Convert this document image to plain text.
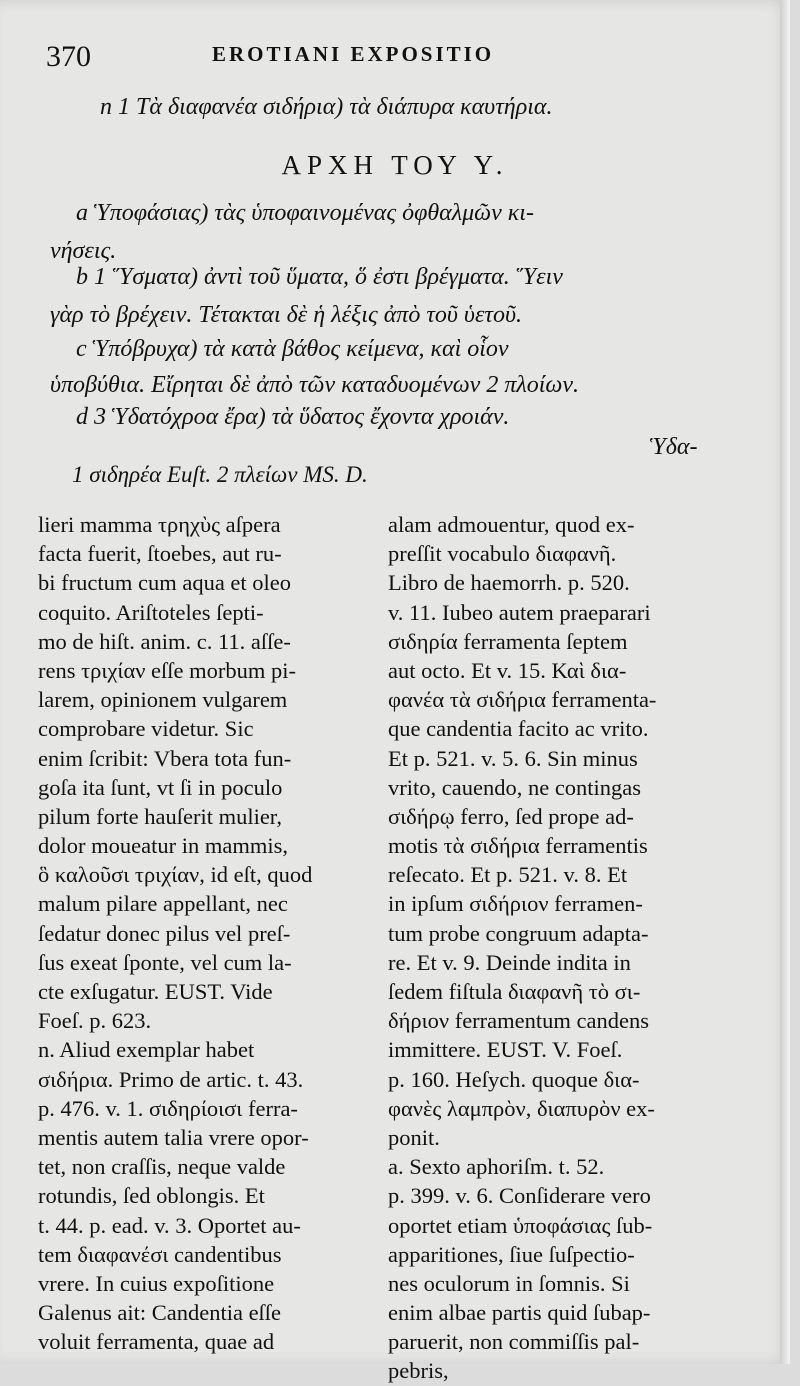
370	EROTIANI EXPOSITIO
n 1 Τὰ διαφανέα σιδήρια) τὰ διάπυρα καυτήρια.
ΑΡΧΗ ΤΟΥ Υ.
a Ὑποφάσιας) τὰς ὑποφαινομένας ὀφθαλμῶν κι-
νήσεις.
b 1 Ὕσματα) ἀντὶ τοῦ ὕματα, ὅ ἐστι βρέγματα. Ὕειν
γὰρ τὸ βρέχειν. Τέτακται δὲ ἡ λέξις ἀπὸ τοῦ ὑετοῦ.
c Ὑπόβρυχα) τὰ κατὰ βάθος κείμενα, καὶ οἷον
ὑποβύθια. Εἴρηται δὲ ἀπὸ τῶν καταδυομένων 2 πλοίων.
d 3 Ὑδατόχροα ἔρα) τὰ ὕδατος ἔχοντα χροιάν.
Ὑδα-
1 σιδηρέα Euſt. 2 πλείων MS. D.
lieri mamma τρηχὺς aſpera
facta fuerit, ſtoebes, aut ru-
bi fructum cum aqua et oleo
coquito. Ariſtoteles ſepti-
mo de hiſt. anim. c. 11. aſſe-
rens τριχίαν eſſe morbum pi-
larem, opinionem vulgarem
comprobare videtur. Sic
enim ſcribit: Vbera tota fun-
goſa ita ſunt, vt ſi in poculo
pilum forte hauſerit mulier,
dolor moueatur in mammis,
ὃ καλοῦσι τριχίαν, id eſt, quod
malum pilare appellant, nec
ſedatur donec pilus vel preſ-
ſus exeat ſponte, vel cum la-
cte exſugatur. EUST. Vide
Foeſ. p. 623.
n. Aliud exemplar habet
σιδήρια. Primo de artic. t. 43.
p. 476. v. 1. σιδηρίοισι ferra-
mentis autem talia vrere opor-
tet, non craſſis, neque valde
rotundis, ſed oblongis. Et
t. 44. p. ead. v. 3. Oportet au-
tem διαφανέσι candentibus
vrere. In cuius expoſitione
Galenus ait: Candentia eſſe
voluit ferramenta, quae ad
alam admouentur, quod ex-
preſſit vocabulo διαφανῆ.
Libro de haemorrh. p. 520.
v. 11. Iubeo autem praeparari
σιδηρία ferramenta ſeptem
aut octo. Et v. 15. Καὶ δια-
φανέα τὰ σιδήρια ferramenta-
que candentia facito ac vrito.
Et p. 521. v. 5. 6. Sin minus
vrito, cauendo, ne contingas
σιδήρῳ ferro, ſed prope ad-
motis τὰ σιδήρια ferramentis
reſecato. Et p. 521. v. 8. Et
in ipſum σιδήριον ferramen-
tum probe congruum adapta-
re. Et v. 9. Deinde indita in
ſedem fiſtula διαφανῆ τὸ σι-
δήριον ferramentum candens
immittere. EUST. V. Foeſ.
p. 160. Heſych. quoque δια-
φανὲς λαμπρὸν, διαπυρὸν ex-
ponit.
a. Sexto aphoriſm. t. 52.
p. 399. v. 6. Conſiderare vero
oportet etiam ὑποφάσιας ſub-
apparitiones, ſiue ſuſpectio-
nes oculorum in ſomnis. Si
enim albae partis quid ſubap-
paruerit, non commiſſis pal-
pebris,
